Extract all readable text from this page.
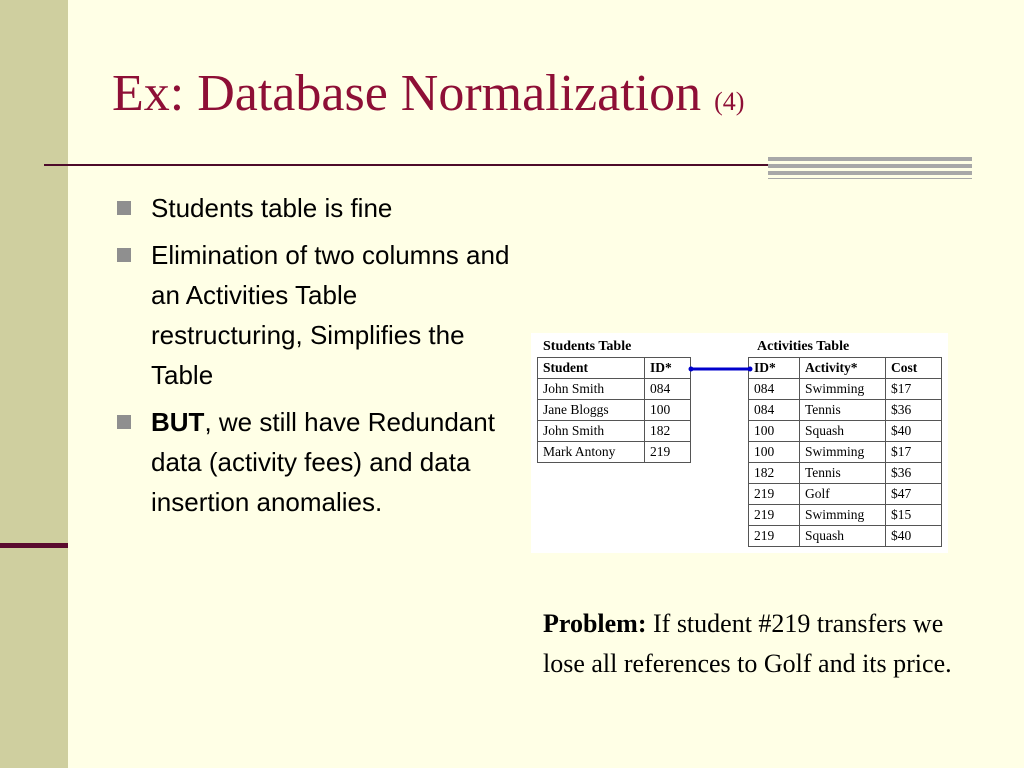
Ex: Database Normalization (4)
Students table is fine
Elimination of two columns and an Activities Table restructuring, Simplifies the Table
BUT, we still have Redundant data (activity fees) and data insertion anomalies.
Students Table	Activities Table
Student	ID*
John Smith	084
Jane Bloggs	100
John Smith	182
Mark Antony	219
ID*	Activity*	Cost
084	Swimming	$17
084	Tennis	$36
100	Squash	$40
100	Swimming	$17
182	Tennis	$36
219	Golf	$47
219	Swimming	$15
219	Squash	$40

Problem: If student #219 transfers we lose all references to Golf and its price.
